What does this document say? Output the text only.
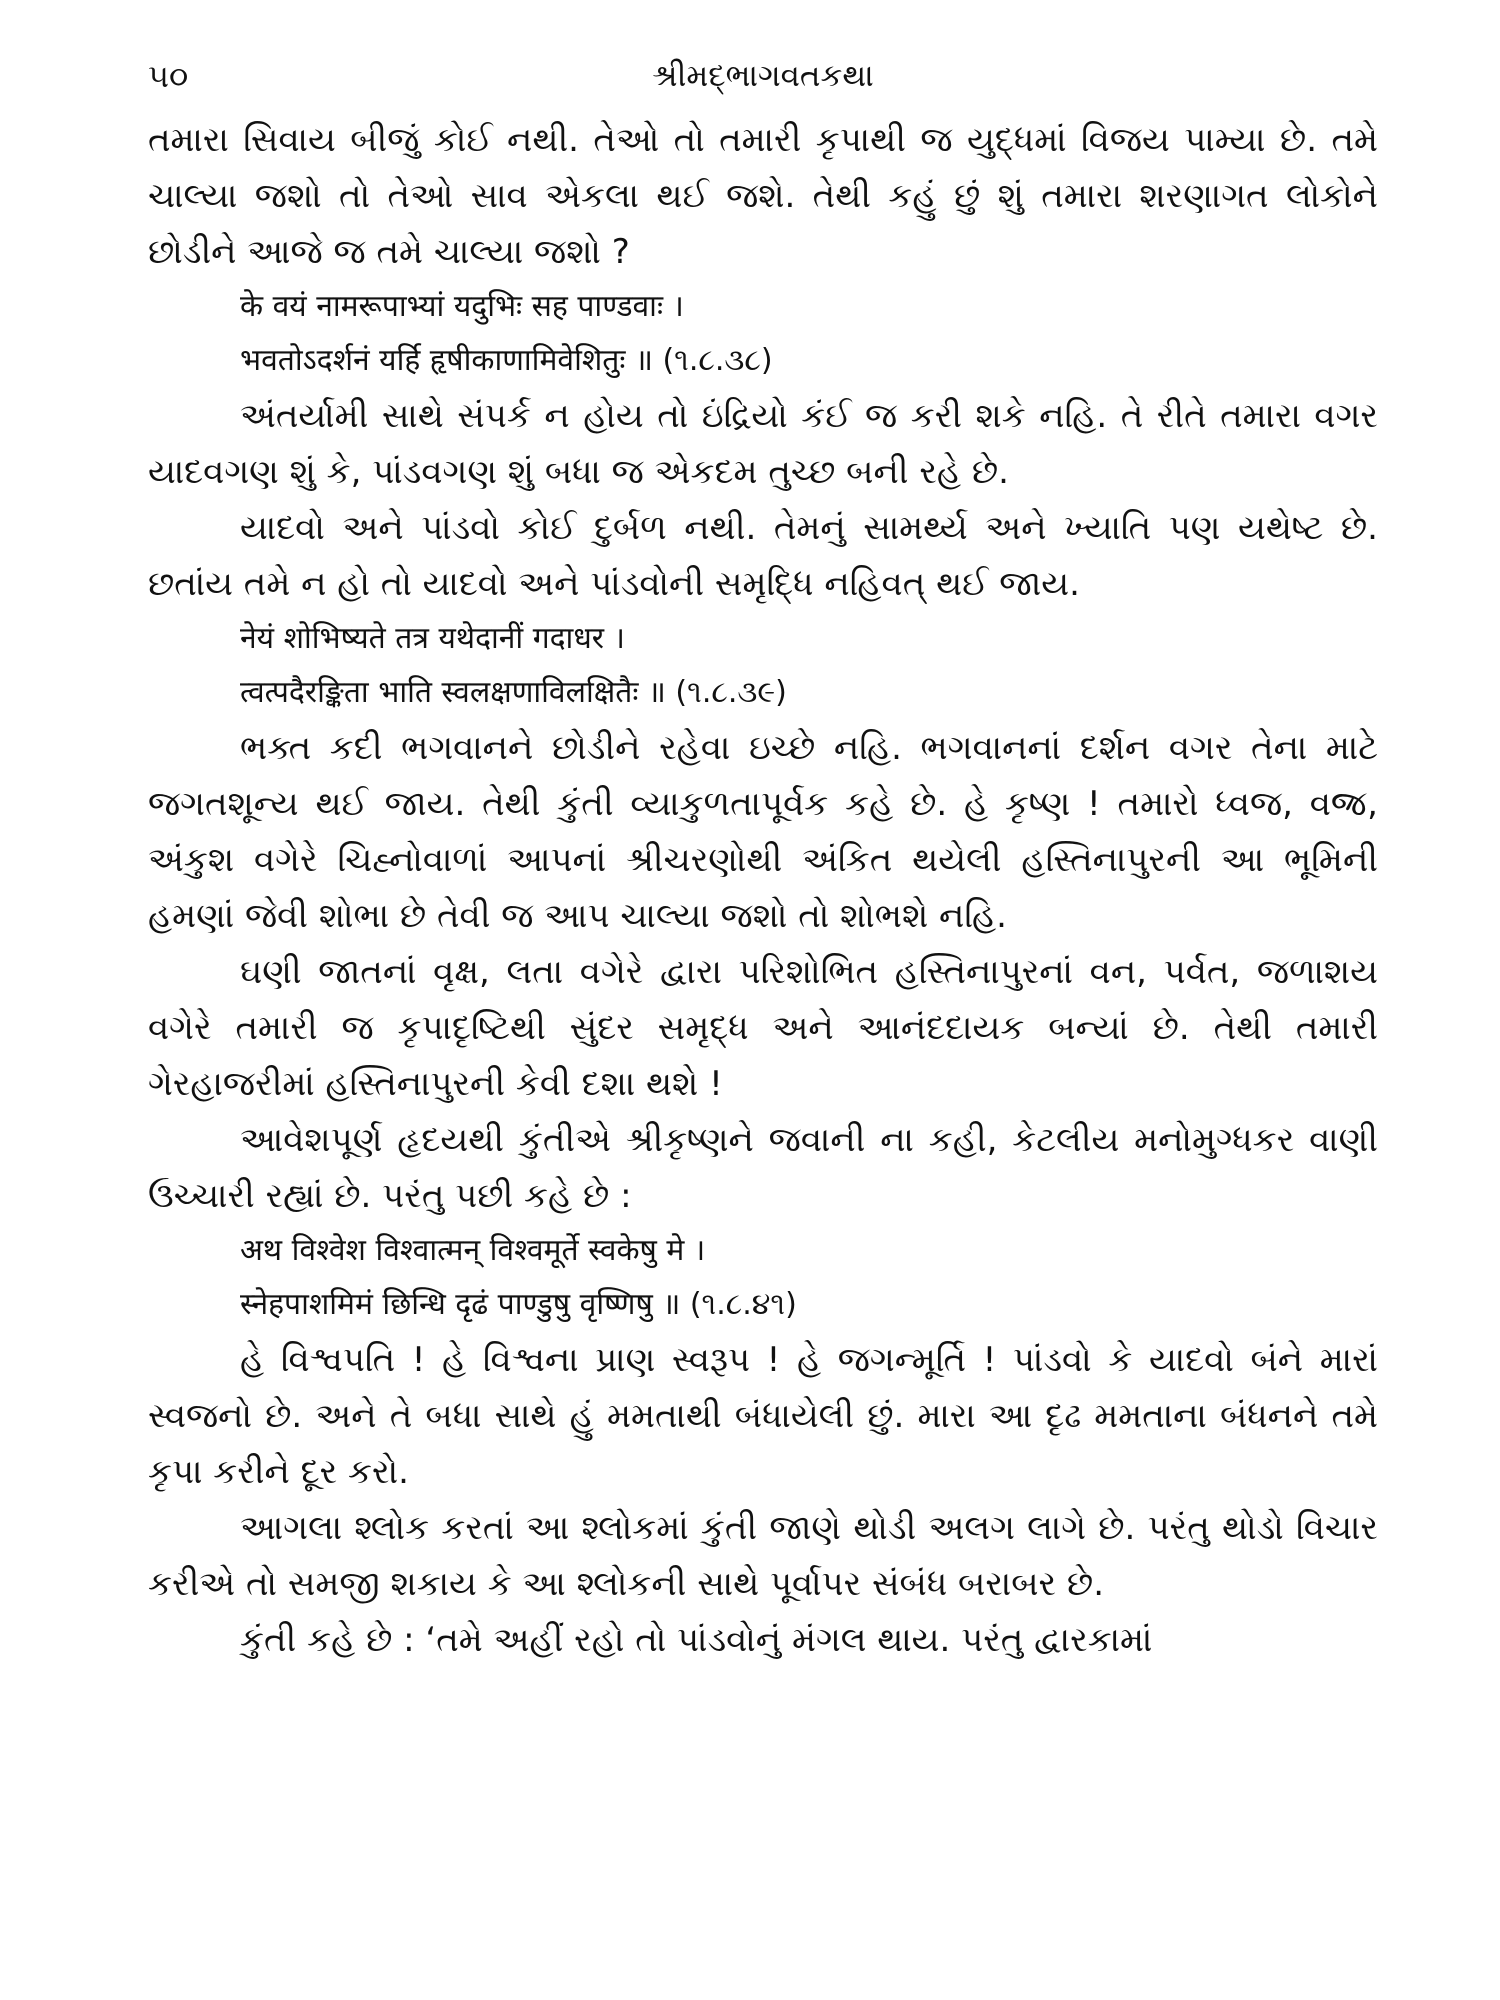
૫૦	શ્રીમદ્ભાગવતકથા

તમારા સિવાય બીજું કોઈ નથી. તેઓ તો તમારી કૃપાથી જ યુદ્ધમાં વિજય પામ્યા છે. તમે ચાલ્યા જશો તો તેઓ સાવ એકલા થઈ જશે. તેથી કહું છું શું તમારા શરણાગત લોકોને છોડીને આજે જ તમે ચાલ્યા જશો ?

के वयं नामरूपाभ्यां यदुभिः सह पाण्डवाः ।
भवतोऽदर्शनं यर्हि हृषीकाणामिवेशितुः ॥ (૧.૮.૩૮)

અંતર્યામી સાથે સંપર્ક ન હોય તો ઇંદ્રિયો કંઈ જ કરી શકે નહિ. તે રીતે તમારા વગર યાદવગણ શું કે, પાંડવગણ શું બધા જ એકદમ તુચ્છ બની રહે છે.

યાદવો અને પાંડવો કોઈ દુર્બળ નથી. તેમનું સામર્થ્ય અને ખ્યાતિ પણ યથેષ્ટ છે. છતાંય તમે ન હો તો યાદવો અને પાંડવોની સમૃદ્ધિ નહિવત્ થઈ જાય.

नेयं शोभिष्यते तत्र यथेदानीं गदाधर ।
त्वत्पदैरङ्किता भाति स्वलक्षणाविलक्षितैः ॥ (૧.૮.૩૯)

ભક્ત કદી ભગવાનને છોડીને રહેવા ઇચ્છે નહિ. ભગવાનનાં દર્શન વગર તેના માટે જગતશૂન્ય થઈ જાય. તેથી કુંતી વ્યાકુળતાપૂર્વક કહે છે. હે કૃષ્ણ ! તમારો ધ્વજ, વજ્ર, અંકુશ વગેરે ચિહ્નોવાળાં આપનાં શ્રીચરણોથી અંકિત થયેલી હસ્તિનાપુરની આ ભૂમિની હમણાં જેવી શોભા છે તેવી જ આપ ચાલ્યા જશો તો શોભશે નહિ.

ઘણી જાતનાં વૃક્ષ, લતા વગેરે દ્વારા પરિશોભિત હસ્તિનાપુરનાં વન, પર્વત, જળાશય વગેરે તમારી જ કૃપાદૃષ્ટિથી સુંદર સમૃદ્ધ અને આનંદદાયક બન્યાં છે. તેથી તમારી ગેરહાજરીમાં હસ્તિનાપુરની કેવી દશા થશે !

આવેશપૂર્ણ હૃદયથી કુંતીએ શ્રીકૃષ્ણને જવાની ના કહી, કેટલીય મનોમુગ્ધકર વાણી ઉચ્ચારી રહ્યાં છે. પરંતુ પછી કહે છે :

अथ विश्वेश विश्वात्मन् विश्वमूर्ते स्वकेषु मे ।
स्नेहपाशमिमं छिन्धि दृढं पाण्डुषु वृष्णिषु ॥ (૧.૮.૪૧)

હે વિશ્વપતિ ! હે વિશ્વના પ્રાણ સ્વરૂપ ! હે જગન્મૂર્તિ ! પાંડવો કે યાદવો બંને મારાં સ્વજનો છે. અને તે બધા સાથે હું મમતાથી બંધાયેલી છું. મારા આ દૃઢ મમતાના બંધનને તમે કૃપા કરીને દૂર કરો.

આગલા શ્લોક કરતાં આ શ્લોકમાં કુંતી જાણે થોડી અલગ લાગે છે. પરંતુ થોડો વિચાર કરીએ તો સમજી શકાય કે આ શ્લોકની સાથે પૂર્વાપર સંબંધ બરાબર છે.

કુંતી કહે છે : ‘તમે અહીં રહો તો પાંડવોનું મંગલ થાય. પરંતુ દ્વારકામાં
